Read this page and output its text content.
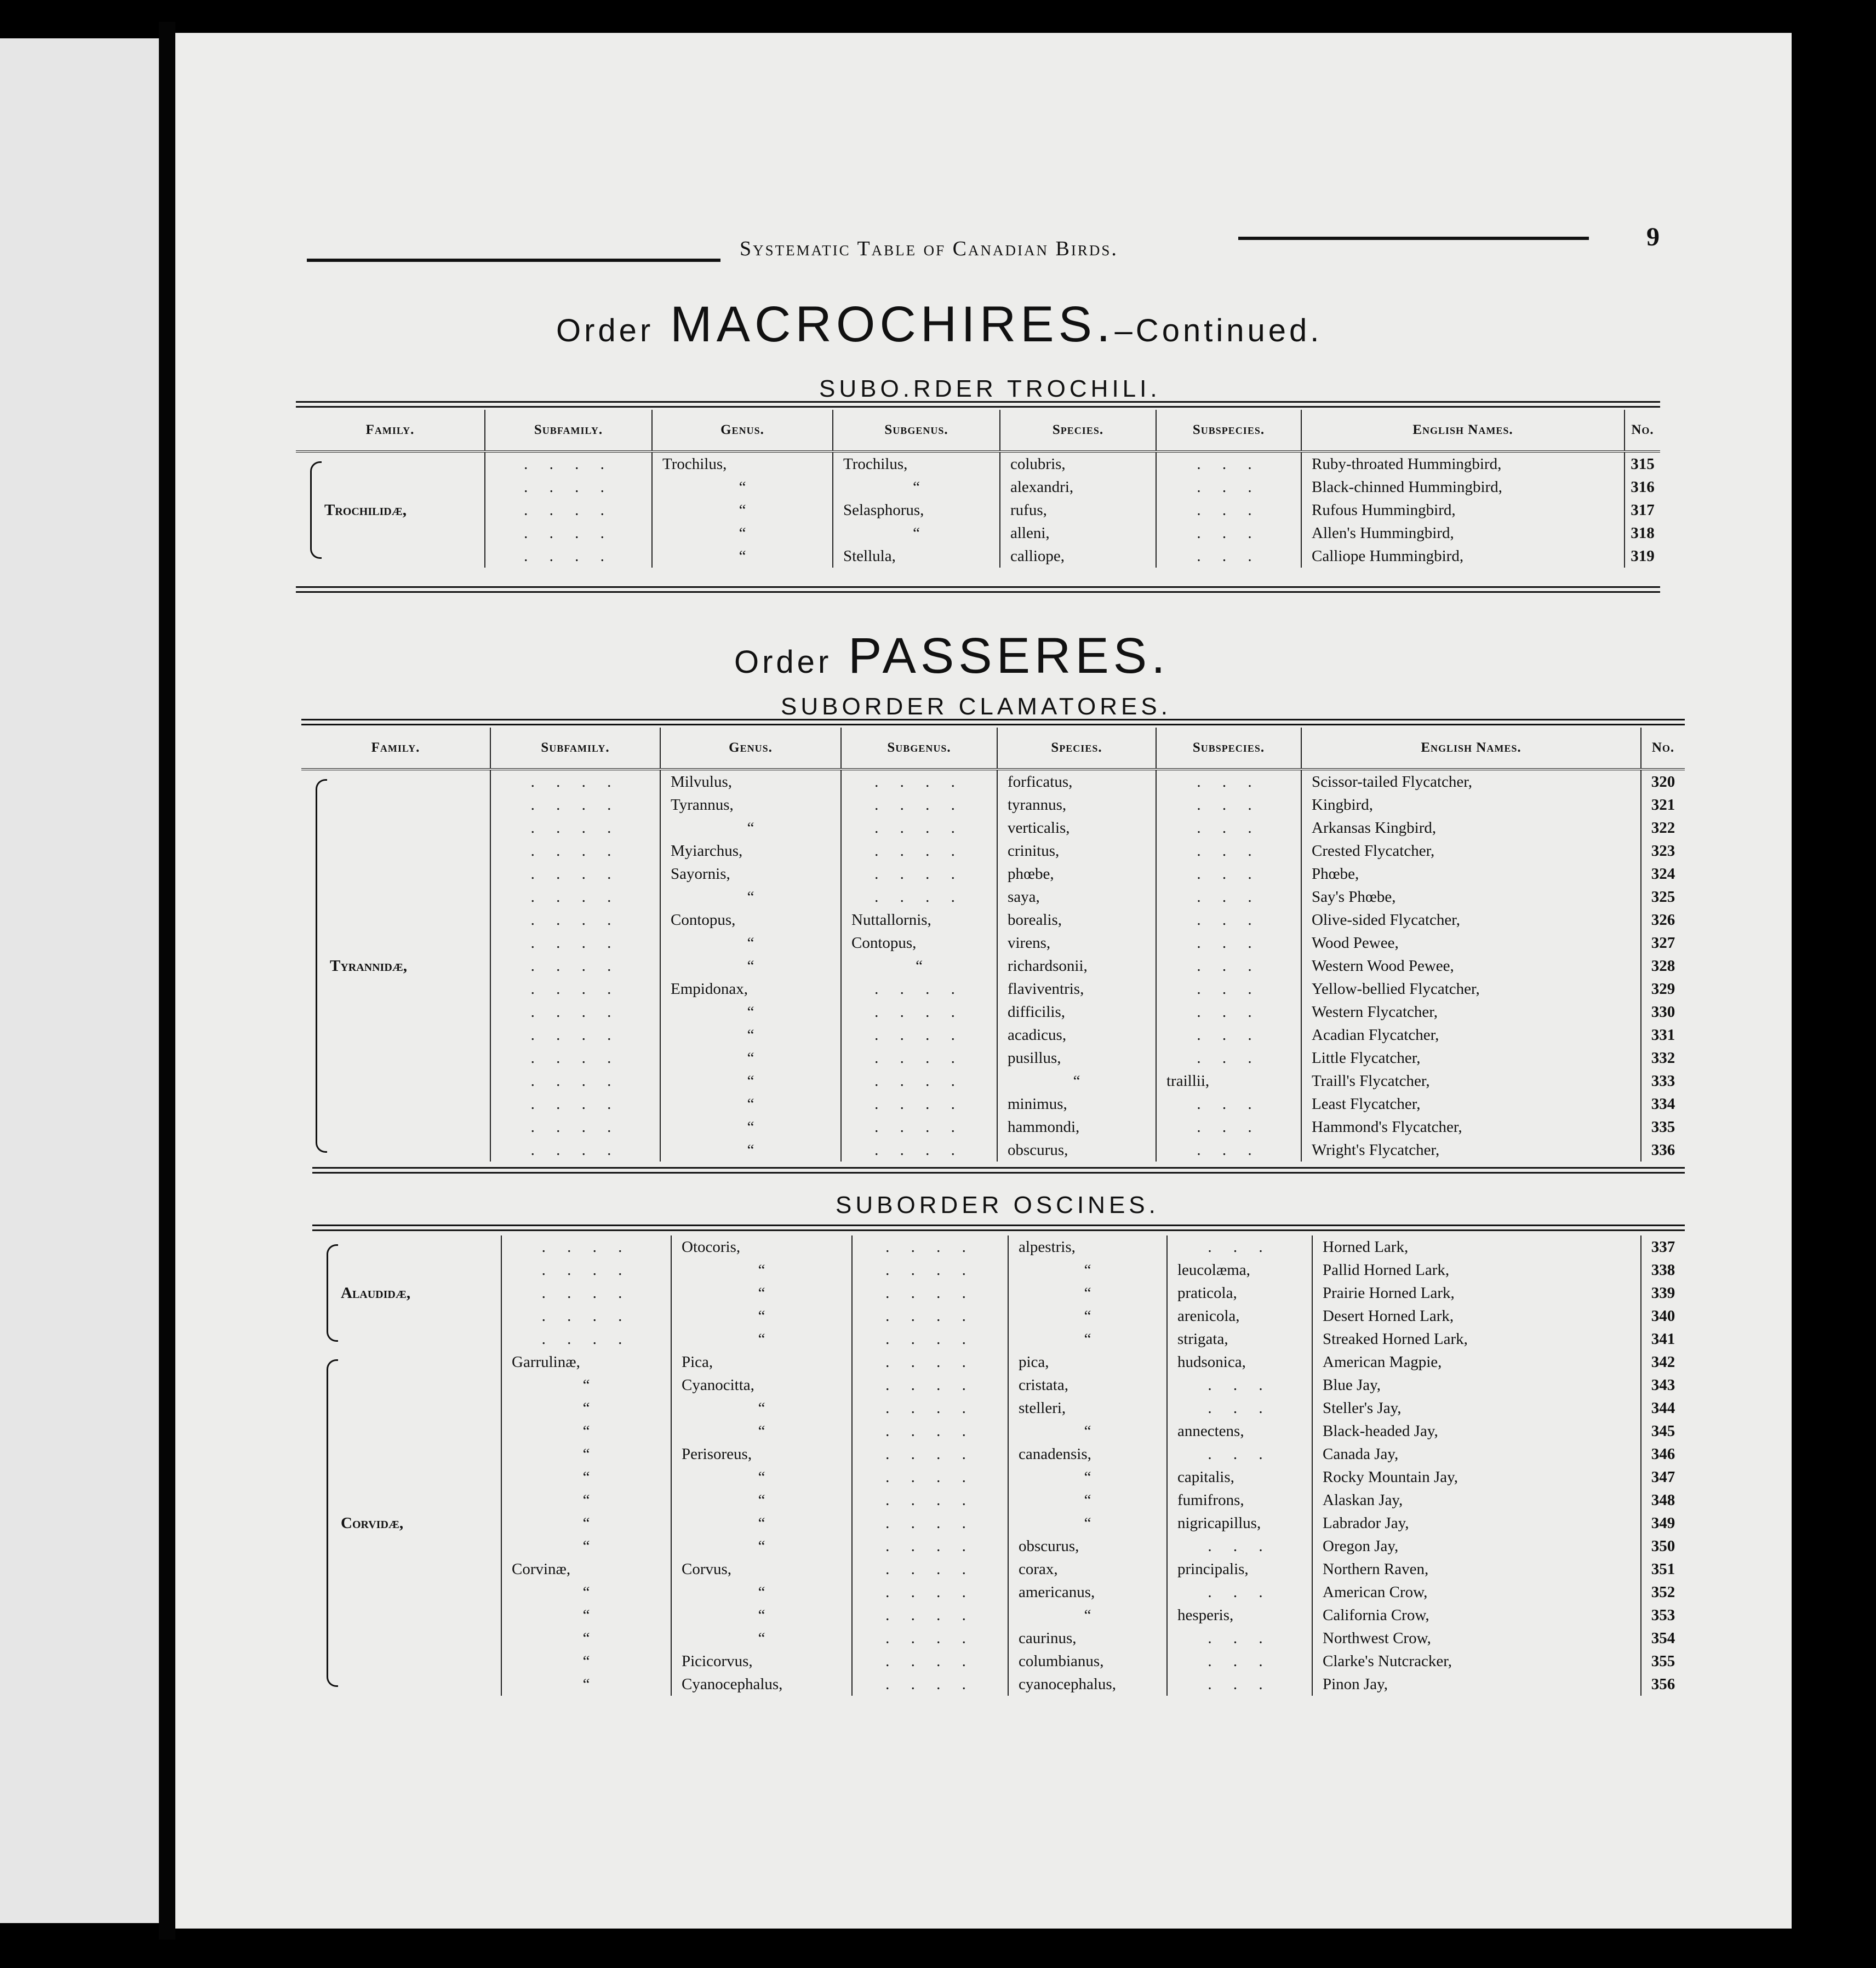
Systematic Table of Canadian Birds.	9
Order MACROCHIRES.–Continued.
SUBO.RDER TROCHILI.
Family.	Subfamily.	Genus.	Subgenus.	Species.	Subspecies.	English Names.	No.

Trochilidæ,	. . . .	Trochilus,	Trochilus,	colubris,	. . .	Ruby-throated Hummingbird,	315
	. . . .	“	“	alexandri,	. . .	Black-chinned Hummingbird,	316
	. . . .	“	Selasphorus,	rufus,	. . .	Rufous Hummingbird,	317
	. . . .	“	“	alleni,	. . .	Allen's Hummingbird,	318
	. . . .	“	Stellula,	calliope,	. . .	Calliope Hummingbird,	319
Order PASSERES.
SUBORDER CLAMATORES.
Family.	Subfamily.	Genus.	Subgenus.	Species.	Subspecies.	English Names.	No.

Tyrannidæ,	. . . .	Milvulus,	. . . .	forficatus,	. . .	Scissor-tailed Flycatcher,	320
	. . . .	Tyrannus,	. . . .	tyrannus,	. . .	Kingbird,	321
	. . . .	“	. . . .	verticalis,	. . .	Arkansas Kingbird,	322
	. . . .	Myiarchus,	. . . .	crinitus,	. . .	Crested Flycatcher,	323
	. . . .	Sayornis,	. . . .	phœbe,	. . .	Phœbe,	324
	. . . .	“	. . . .	saya,	. . .	Say's Phœbe,	325
	. . . .	Contopus,	Nuttallornis,	borealis,	. . .	Olive-sided Flycatcher,	326
	. . . .	“	Contopus,	virens,	. . .	Wood Pewee,	327
	. . . .	“	“	richardsonii,	. . .	Western Wood Pewee,	328
	. . . .	Empidonax,	. . . .	flaviventris,	. . .	Yellow-bellied Flycatcher,	329
	. . . .	“	. . . .	difficilis,	. . .	Western Flycatcher,	330
	. . . .	“	. . . .	acadicus,	. . .	Acadian Flycatcher,	331
	. . . .	“	. . . .	pusillus,	. . .	Little Flycatcher,	332
	. . . .	“	. . . .	“	traillii,	Traill's Flycatcher,	333
	. . . .	“	. . . .	minimus,	. . .	Least Flycatcher,	334
	. . . .	“	. . . .	hammondi,	. . .	Hammond's Flycatcher,	335
	. . . .	“	. . . .	obscurus,	. . .	Wright's Flycatcher,	336
SUBORDER OSCINES.
Alaudidæ,	. . . .	Otocoris,	. . . .	alpestris,	. . .	Horned Lark,	337
	. . . .	“	. . . .	“	leucolæma,	Pallid Horned Lark,	338
	. . . .	“	. . . .	“	praticola,	Prairie Horned Lark,	339
	. . . .	“	. . . .	“	arenicola,	Desert Horned Lark,	340
	. . . .	“	. . . .	“	strigata,	Streaked Horned Lark,	341

Corvidæ,	Garrulinæ,	Pica,	. . . .	pica,	hudsonica,	American Magpie,	342
	“	Cyanocitta,	. . . .	cristata,	. . .	Blue Jay,	343
	“	“	. . . .	stelleri,	. . .	Steller's Jay,	344
	“	“	. . . .	“	annectens,	Black-headed Jay,	345
	“	Perisoreus,	. . . .	canadensis,	. . .	Canada Jay,	346
	“	“	. . . .	“	capitalis,	Rocky Mountain Jay,	347
	“	“	. . . .	“	fumifrons,	Alaskan Jay,	348
	“	“	. . . .	“	nigricapillus,	Labrador Jay,	349
	“	“	. . . .	obscurus,	. . .	Oregon Jay,	350
	Corvinæ,	Corvus,	. . . .	corax,	principalis,	Northern Raven,	351
	“	“	. . . .	americanus,	. . .	American Crow,	352
	“	“	. . . .	“	hesperis,	California Crow,	353
	“	“	. . . .	caurinus,	. . .	Northwest Crow,	354
	“	Picicorvus,	. . . .	columbianus,	. . .	Clarke's Nutcracker,	355
	“	Cyanocephalus,	. . . .	cyanocephalus,	. . .	Pinon Jay,	356
